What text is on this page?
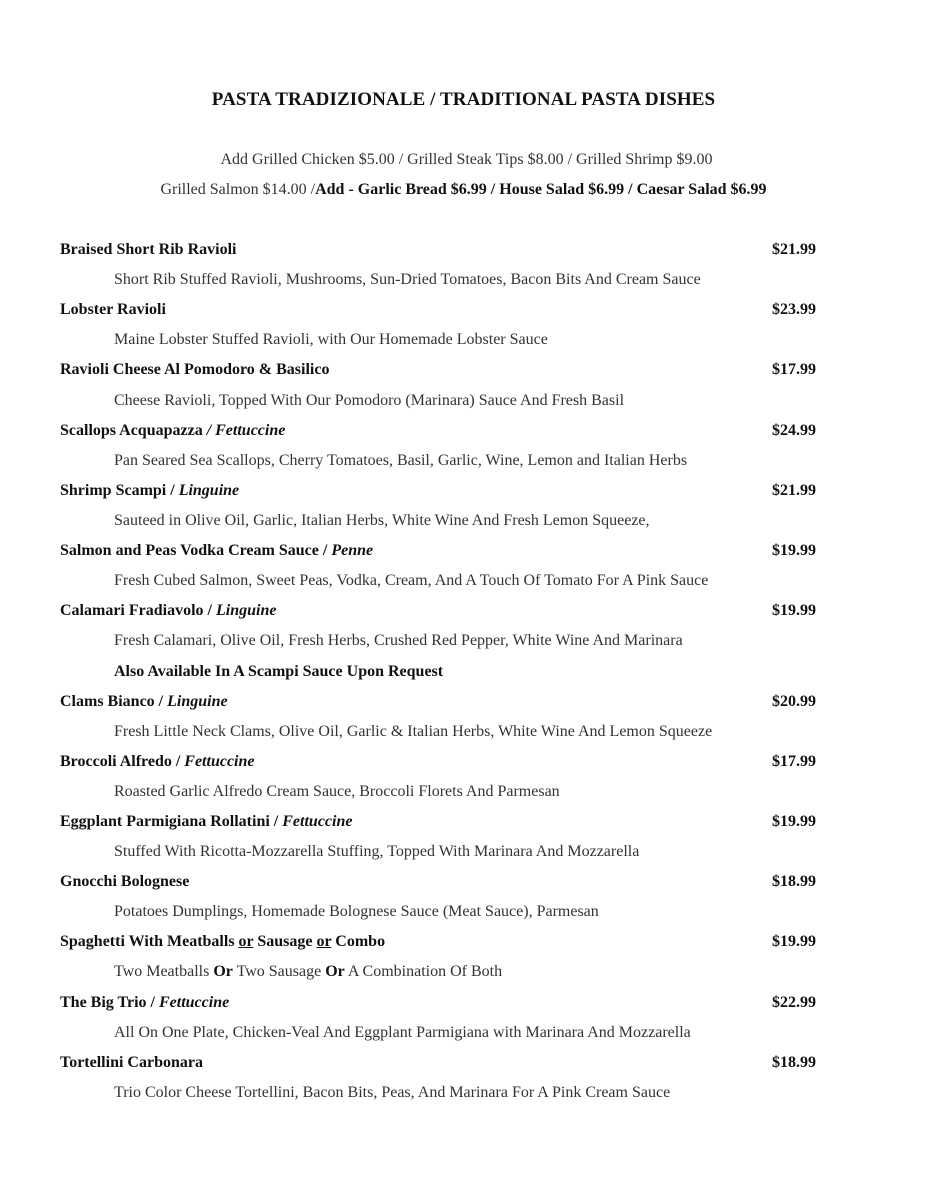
PASTA TRADIZIONALE / TRADITIONAL PASTA DISHES
Add Grilled Chicken $5.00 / Grilled Steak Tips $8.00 / Grilled Shrimp $9.00
Grilled Salmon $14.00 /Add - Garlic Bread $6.99 / House Salad $6.99 / Caesar Salad $6.99
Braised Short Rib Ravioli	$21.99
Short Rib Stuffed Ravioli, Mushrooms, Sun-Dried Tomatoes, Bacon Bits And Cream Sauce
Lobster Ravioli	$23.99
Maine Lobster Stuffed Ravioli, with Our Homemade Lobster Sauce
Ravioli Cheese Al Pomodoro & Basilico	$17.99
Cheese Ravioli, Topped With Our Pomodoro (Marinara) Sauce And Fresh Basil
Scallops Acquapazza / Fettuccine	$24.99
Pan Seared Sea Scallops, Cherry Tomatoes, Basil, Garlic, Wine, Lemon and Italian Herbs
Shrimp Scampi / Linguine	$21.99
Sauteed in Olive Oil, Garlic, Italian Herbs, White Wine And Fresh Lemon Squeeze,
Salmon and Peas Vodka Cream Sauce / Penne	$19.99
Fresh Cubed Salmon, Sweet Peas, Vodka, Cream, And A Touch Of Tomato For A Pink Sauce
Calamari Fradiavolo / Linguine	$19.99
Fresh Calamari, Olive Oil, Fresh Herbs, Crushed Red Pepper, White Wine And Marinara
Also Available In A Scampi Sauce Upon Request
Clams Bianco / Linguine	$20.99
Fresh Little Neck Clams, Olive Oil, Garlic & Italian Herbs, White Wine And Lemon Squeeze
Broccoli Alfredo / Fettuccine	$17.99
Roasted Garlic Alfredo Cream Sauce, Broccoli Florets And Parmesan
Eggplant Parmigiana Rollatini / Fettuccine	$19.99
Stuffed With Ricotta-Mozzarella Stuffing, Topped With Marinara And Mozzarella
Gnocchi Bolognese	$18.99
Potatoes Dumplings, Homemade Bolognese Sauce (Meat Sauce), Parmesan
Spaghetti With Meatballs or Sausage or Combo	$19.99
Two Meatballs Or Two Sausage Or A Combination Of Both
The Big Trio / Fettuccine	$22.99
All On One Plate, Chicken-Veal And Eggplant Parmigiana with Marinara And Mozzarella
Tortellini Carbonara	$18.99
Trio Color Cheese Tortellini, Bacon Bits, Peas, And Marinara For A Pink Cream Sauce
